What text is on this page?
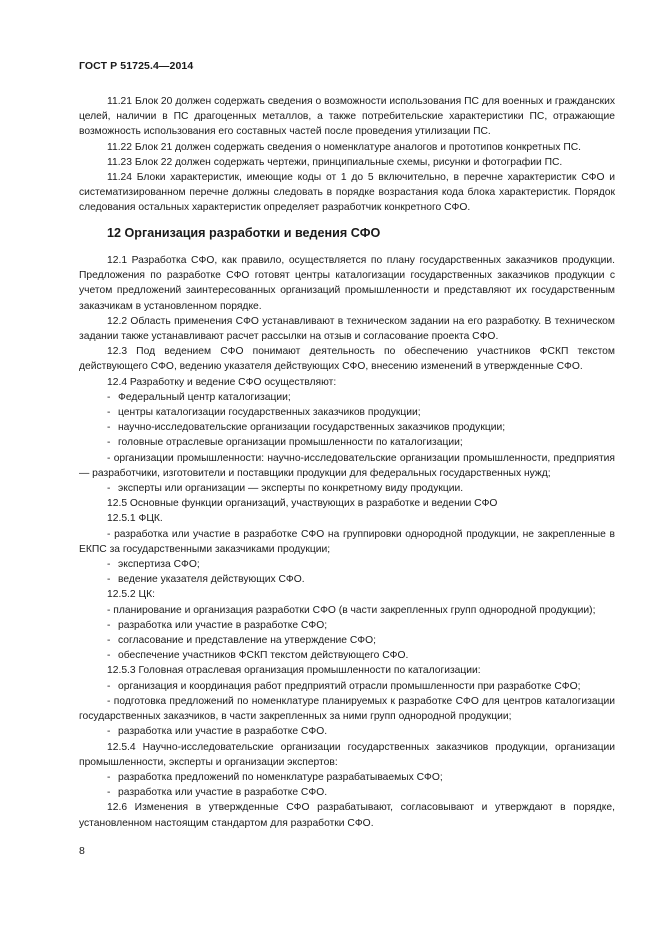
ГОСТ Р 51725.4—2014

11.21 Блок 20 должен содержать сведения о возможности использования ПС для военных и гражданских целей, наличии в ПС драгоценных металлов, а также потребительские характеристики ПС, отражающие возможность использования его составных частей после проведения утилизации ПС.

11.22 Блок 21 должен содержать сведения о номенклатуре аналогов и прототипов конкретных ПС.

11.23 Блок 22 должен содержать чертежи, принципиальные схемы, рисунки и фотографии ПС.

11.24 Блоки характеристик, имеющие коды от 1 до 5 включительно, в перечне характеристик СФО и систематизированном перечне должны следовать в порядке возрастания кода блока характеристик. Порядок следования остальных характеристик определяет разработчик конкретного СФО.

12 Организация разработки и ведения СФО

12.1 Разработка СФО, как правило, осуществляется по плану государственных заказчиков продукции. Предложения по разработке СФО готовят центры каталогизации государственных заказчиков продукции с учетом предложений заинтересованных организаций промышленности и представляют их государственным заказчикам в установленном порядке.

12.2 Область применения СФО устанавливают в техническом задании на его разработку. В техническом задании также устанавливают расчет рассылки на отзыв и согласование проекта СФО.

12.3 Под ведением СФО понимают деятельность по обеспечению участников ФСКП текстом действующего СФО, ведению указателя действующих СФО, внесению изменений в утвержденные СФО.

12.4 Разработку и ведение СФО осуществляют:

- Федеральный центр каталогизации;

- центры каталогизации государственных заказчиков продукции;

- научно-исследовательские организации государственных заказчиков продукции;

- головные отраслевые организации промышленности по каталогизации;

- организации промышленности: научно-исследовательские организации промышленности, предприятия — разработчики, изготовители и поставщики продукции для федеральных государственных нужд;

- эксперты или организации — эксперты по конкретному виду продукции.

12.5 Основные функции организаций, участвующих в разработке и ведении СФО

12.5.1 ФЦК.

- разработка или участие в разработке СФО на группировки однородной продукции, не закрепленные в ЕКПС за государственными заказчиками продукции;

- экспертиза СФО;

- ведение указателя действующих СФО.

12.5.2 ЦК:

- планирование и организация разработки СФО (в части закрепленных групп однородной продукции);

- разработка или участие в разработке СФО;

- согласование и представление на утверждение СФО;

- обеспечение участников ФСКП текстом действующего СФО.

12.5.3 Головная отраслевая организация промышленности по каталогизации:

- организация и координация работ предприятий отрасли промышленности при разработке СФО;

- подготовка предложений по номенклатуре планируемых к разработке СФО для центров каталогизации государственных заказчиков, в части закрепленных за ними групп однородной продукции;

- разработка или участие в разработке СФО.

12.5.4 Научно-исследовательские организации государственных заказчиков продукции, организации промышленности, эксперты и организации экспертов:

- разработка предложений по номенклатуре разрабатываемых СФО;

- разработка или участие в разработке СФО.

12.6 Изменения в утвержденные СФО разрабатывают, согласовывают и утверждают в порядке, установленном настоящим стандартом для разработки СФО.

8
